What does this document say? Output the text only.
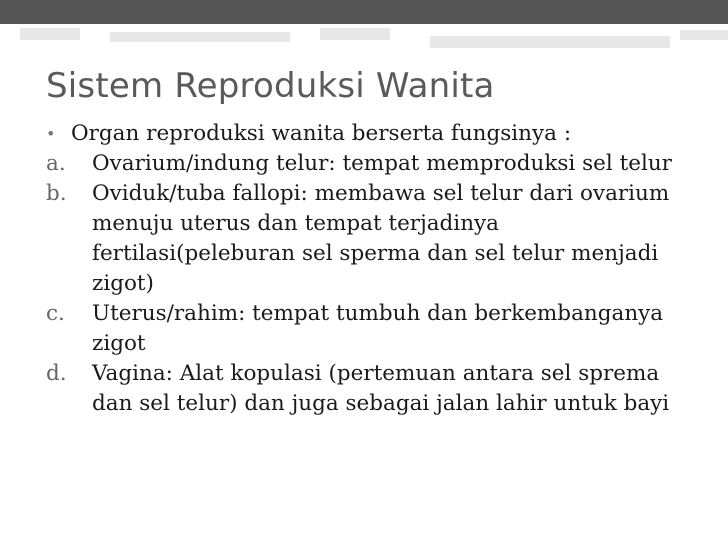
Sistem Reproduksi Wanita
• Organ reproduksi wanita berserta fungsinya :
a.	Ovarium/indung telur: tempat memproduksi sel telur
b.	Oviduk/tuba fallopi: membawa sel telur dari ovarium menuju uterus dan tempat terjadinya fertilasi(peleburan sel sperma dan sel telur menjadi zigot)
c.	Uterus/rahim: tempat tumbuh dan berkembanganya zigot
d.	Vagina: Alat kopulasi (pertemuan antara sel sprema dan sel telur) dan juga sebagai jalan lahir untuk bayi
